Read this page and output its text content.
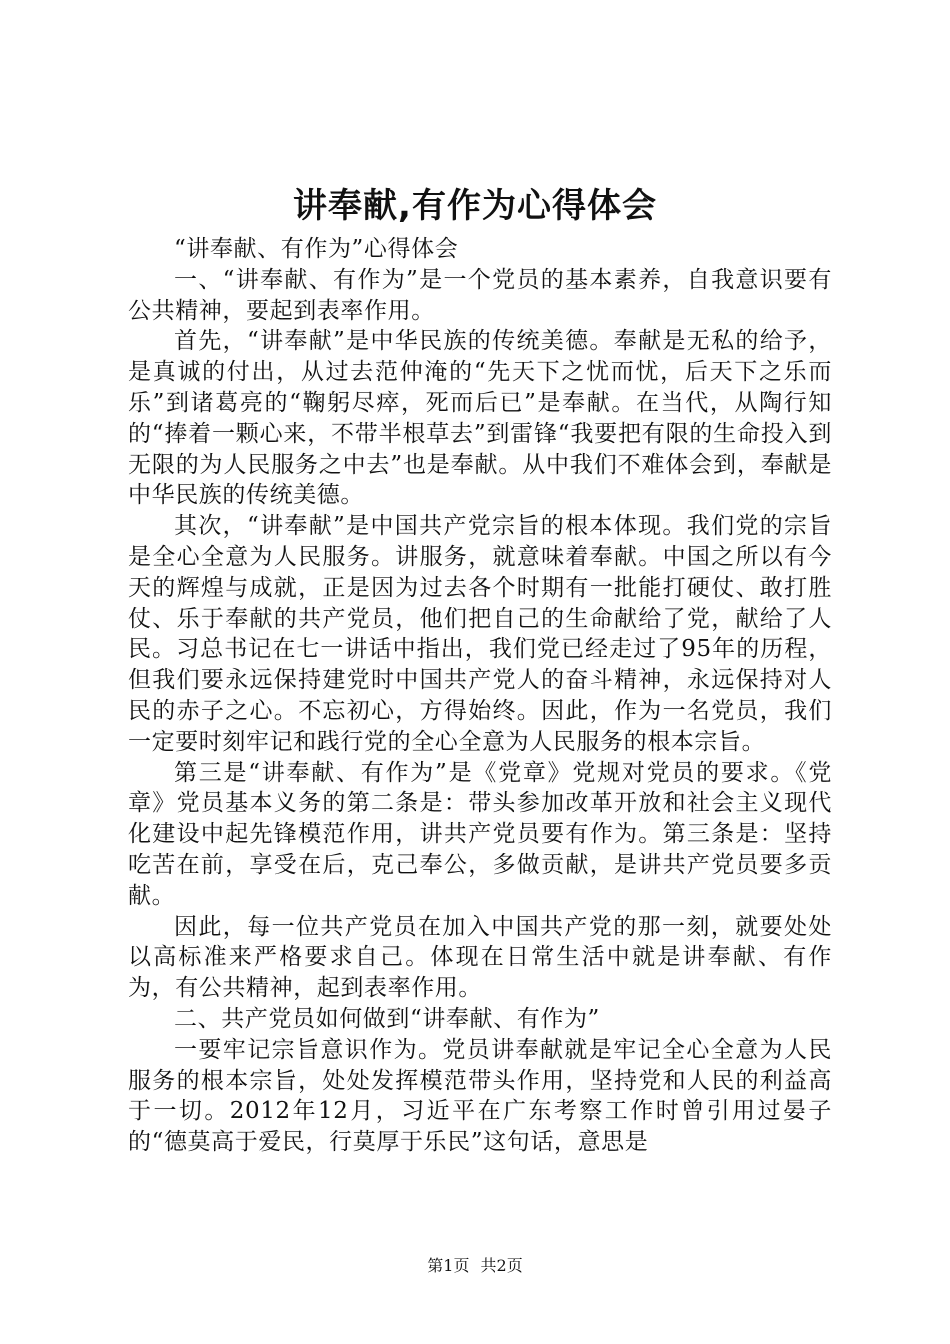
讲奉献,有作为心得体会

“讲奉献、有作为”心得体会

一、“讲奉献、有作为”是一个党员的基本素养，自我意识要有公共精神，要起到表率作用。

首先，“讲奉献”是中华民族的传统美德。奉献是无私的给予，是真诚的付出，从过去范仲淹的“先天下之忧而忧，后天下之乐而乐”到诸葛亮的“鞠躬尽瘁，死而后已”是奉献。在当代，从陶行知的“捧着一颗心来，不带半根草去”到雷锋“我要把有限的生命投入到无限的为人民服务之中去”也是奉献。从中我们不难体会到，奉献是中华民族的传统美德。

其次，“讲奉献”是中国共产党宗旨的根本体现。我们党的宗旨是全心全意为人民服务。讲服务，就意味着奉献。中国之所以有今天的辉煌与成就，正是因为过去各个时期有一批能打硬仗、敢打胜仗、乐于奉献的共产党员，他们把自己的生命献给了党，献给了人民。习总书记在七一讲话中指出，我们党已经走过了95年的历程，但我们要永远保持建党时中国共产党人的奋斗精神，永远保持对人民的赤子之心。不忘初心，方得始终。因此，作为一名党员，我们一定要时刻牢记和践行党的全心全意为人民服务的根本宗旨。

第三是“讲奉献、有作为”是《党章》党规对党员的要求。《党章》党员基本义务的第二条是：带头参加改革开放和社会主义现代化建设中起先锋模范作用，讲共产党员要有作为。第三条是：坚持吃苦在前，享受在后，克己奉公，多做贡献，是讲共产党员要多贡献。

因此，每一位共产党员在加入中国共产党的那一刻，就要处处以高标准来严格要求自己。体现在日常生活中就是讲奉献、有作为，有公共精神，起到表率作用。

二、共产党员如何做到“讲奉献、有作为”

一要牢记宗旨意识作为。党员讲奉献就是牢记全心全意为人民服务的根本宗旨，处处发挥模范带头作用，坚持党和人民的利益高于一切。2012年12月，习近平在广东考察工作时曾引用过晏子的“德莫高于爱民，行莫厚于乐民”这句话，意思是

第1页 共2页
